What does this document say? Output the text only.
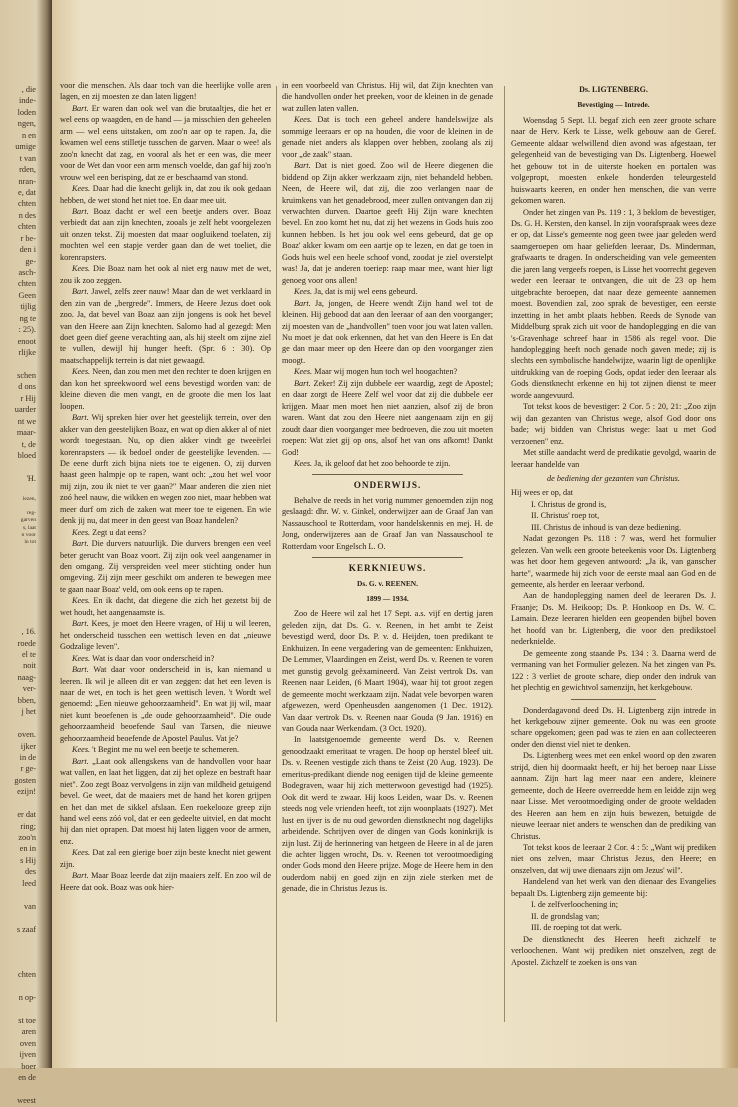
, die
inde-
loden
ngen,
n en
umige
t van
rden,
nran-
e, dat
chten
n des
chten
r be-
den i
ge-
asch-
chten
Geen
tijlig
ng te
: 25).
enoot
rlijke

schen
d ons
r Hij
uarder
nt we
maar-
t, de
bloed

'H.

lezen,

reg-
garven
s, laat
n voor
in tot

, 16.
roede
el te
noit
naag-
ver-
bben,
j het

oven.
ijker
in de
r ge-
gosten
ezijn!

er dat
ring;
zoo'n
en in
s Hij
des
leed

van

s zaaf

chten

n op-

st toe
aren
oven
ijven
boer
en de

weest

voor die menschen. Als daar toch van die heerlijke volle aren lagen, en zij moesten ze dan laten liggen!

Bart. Er waren dan ook wel van die brutaaltjes, die het er wel eens op waagden, en de hand — ja misschien den geheelen arm — wel eens uitstaken, om zoo'n aar op te rapen. Ja, die kwamen wel eens stilletje tusschen de garven. Maar o wee! als zoo'n knecht dat zag, en vooral als het er een was, die meer voor de Wet dan voor een arm mensch voelde, dan gaf hij zoo'n vrouw wel een berisping, dat ze er beschaamd van stond.

Kees. Daar had die knecht gelijk in, dat zou ik ook gedaan hebben, de wet stond het niet toe. En daar mee uit.

Bart. Boaz dacht er wel een beetje anders over. Boaz verbiedt dat aan zijn knechten, zooals je zelf hebt voorgelezen uit onzen tekst. Zij moesten dat maar oogluikend toelaten, zij mochten wel een stapje verder gaan dan de wet toeliet, die korenrapsters.

Kees. Die Boaz nam het ook al niet erg nauw met de wet, zou ik zoo zeggen.

Bart. Jawel, zelfs zeer nauw! Maar dan de wet verklaard in den zin van de „bergrede". Immers, de Heere Jezus doet ook zoo. Ja, dat bevel van Boaz aan zijn jongens is ook het bevel van den Heere aan Zijn knechten. Salomo had al gezegd: Men doet geen dief geene verachting aan, als hij steelt om zijne ziel te vullen, dewijl hij hunger heeft. (Spr. 6 : 30). Op maatschappelijk terrein is dat niet gewaagd.

Kees. Neen, dan zou men met den rechter te doen krijgen en dan kon het spreekwoord wel eens bevestigd worden van: de kleine dieven die men vangt, en de groote die men los laat loopen.

Bart. Wij spreken hier over het geestelijk terrein, over den akker van den geestelijken Boaz, en wat op dien akker al of niet wordt toegestaan. Nu, op dien akker vindt ge tweeërlei korenrapsters — ik bedoel onder de geestelijke levenden. — De eene durft zich bijna niets toe te eigenen. O, zij durven haast geen halmpje op te rapen, want och: „zou het wel voor mij zijn, zou ik niet te ver gaan?" Maar anderen die zien niet zoó heel nauw, die wikken en wegen zoo niet, maar hebben wat meer durf om zich de zaken wat meer toe te eigenen. En wie denk jij nu, dat meer in den geest van Boaz handelen?

Kees. Zegt u dat eens?

Bart. Die durvers natuurlijk. Die durvers brengen een veel beter gerucht van Boaz voort. Zij zijn ook veel aangenamer in den omgang. Zij verspreiden veel meer stichting onder hun omgeving. Zij zijn meer geschikt om anderen te bewegen mee te gaan naar Boaz' veld, om ook eens op te rapen.

Kees. En ik dacht, dat diegene die zich het gezetst bij de wet houdt, het aangenaamste is.

Bart. Kees, je moet den Heere vragen, of Hij u wil leeren, het onderscheid tusschen een wettisch leven en dat „nieuwe Godzalige leven".

Kees. Wat is daar dan voor onderscheid in?

Bart. Wat daar voor onderscheid in is, kan niemand u leeren. Ik wil je alleen dit er van zeggen: dat het een leven is naar de wet, en toch is het geen wettisch leven. 't Wordt wel genoemd: „Een nieuwe gehoorzaamheid". En wat jij wil, maar niet kunt beoefenen is „de oude gehoorzaamheid". Die oude gehoorzaamheid beoefende Saul van Tarsen, die nieuwe gehoorzaamheid beoefende de Apostel Paulus. Vat je?

Kees. 't Begint me nu wel een beetje te schemeren.

Bart. „Laat ook allengskens van de handvollen voor haar wat vallen, en laat het liggen, dat zij het opleze en bestraft haar niet". Zoo zegt Boaz vervolgens in zijn van mildheid getuigend bevel. Ge weet, dat de maaiers met de hand het koren grijpen en het dan met de sikkel afslaan. Een roekelooze greep zijn hand wel eens zóó vol, dat er een gedeelte uitviel, en dat mocht hij dan niet oprapen. Dat moest hij laten liggen voor de armen, enz.

Kees. Dat zal een gierige boer zijn beste knecht niet gewent zijn.

Bart. Maar Boaz leerde dat zijn maaiers zelf. En zoo wil de Heere dat ook. Boaz was ook hier-

in een voorbeeld van Christus. Hij wil, dat Zijn knechten van die handvollen onder het preeken, voor de kleinen in de genade wat zullen laten vallen.

Kees. Dat is toch een geheel andere handelswijze als sommige leeraars er op na houden, die voor de kleinen in de genade niet anders als klappen over hebben, zoolang als zij voor „de zaak" staan.

Bart. Dat is niet goed. Zoo wil de Heere diegenen die biddend op Zijn akker werkzaam zijn, niet behandeld hebben. Neen, de Heere wil, dat zij, die zoo verlangen naar de kruimkens van het genadebrood, meer zullen ontvangen dan zij verwachten durven. Daartoe geeft Hij Zijn ware knechten bevel. En zoo komt het nu, dat zij het wezens in Gods huis zoo kunnen hebben. Is het jou ook wel eens gebeurd, dat ge op Boaz' akker kwam om een aartje op te lezen, en dat ge toen in Gods huis wel een heele schoof vond, zoodat je ziel overstelpt was! Ja, dat je anderen toeriep: raap maar mee, want hier ligt genoeg voor ons allen!

Kees. Ja, dat is mij wel eens gebeurd.

Bart. Ja, jongen, de Heere wendt Zijn hand wel tot de kleinen. Hij gebood dat aan den leeraar of aan den voorganger; zij moesten van de „handvollen" toen voor jou wat laten vallen. Nu moet je dat ook erkennen, dat het van den Heere is En dat ge dan maar meer op den Heere dan op den voorganger zien moogt.

Kees. Maar wij mogen hun toch wel hoogachten?

Bart. Zeker! Zij zijn dubbele eer waardig, zegt de Apostel; en daar zorgt de Heere Zelf wel voor dat zij die dubbele eer krijgen. Maar men moet hen niet aanzien, alsof zij de bron waren. Want dat zou den Heere niet aangenaam zijn en gij zoudt daar dien voorganger mee bedroeven, die zou uit moeten roepen: Wat ziet gij op ons, alsof het van ons afkomt! Dankt God!

Kees. Ja, ik geloof dat het zoo behoorde te zijn.

ONDERWIJS.

Behalve de reeds in het vorig nummer genoemden zijn nog geslaagd: dhr. W. v. Ginkel, onderwijzer aan de Graaf Jan van Nassauschool te Rotterdam, voor handelskennis en mej. H. de Jong, onderwijzeres aan de Graaf Jan van Nassauschool te Rotterdam voor Engelsch L. O.

KERKNIEUWS.
Ds. G. v. REENEN.
1899 — 1934.

Zoo de Heere wil zal het 17 Sept. a.s. vijf en dertig jaren geleden zijn, dat Ds. G. v. Reenen, in het ambt te Zeist bevestigd werd, door Ds. P. v. d. Heijden, toen predikant te Enkhuizen. In eene vergadering van de gemeenten: Enkhuizen, De Lemmer, Vlaardingen en Zeist, werd Ds. v. Reenen te voren met gunstig gevolg geëxamineerd. Van Zeist vertrok Ds. van Reenen naar Leiden, (6 Maart 1904), waar hij tot groot zegen de gemeente mocht werkzaam zijn. Nadat vele bevorpen waren afgewezen, werd Openheusden aangenomen (1 Dec. 1912). Van daar vertrok Ds. v. Reenen naar Gouda (9 Jan. 1916) en van Gouda naar Werkendam. (3 Oct. 1920).

In laatstgenoemde gemeente werd Ds. v. Reenen genoodzaakt emeritaat te vragen. De hoop op herstel bleef uit. Ds. v. Reenen vestigde zich thans te Zeist (20 Aug. 1923). De emeritus-predikant diende nog eenigen tijd de kleine gemeente Bodegraven, waar hij zich metterwoon gevestigd had (1925). Ook dit werd te zwaar. Hij koos Leiden, waar Ds. v. Reenen steeds nog vele vrienden heeft, tot zijn woonplaats (1927). Met lust en ijver is de nu oud geworden dienstknecht nog dagelijks arbeidende. Schrijven over de dingen van Gods koninkrijk is zijn lust. Zij de herinnering van hetgeen de Heere in al de jaren die achter liggen wrocht, Ds. v. Reenen tot verootmoediging onder Gods mond den Heere prijze. Moge de Heere hem in den ouderdom nabij en goed zijn en zijn ziele sterken met de genade, die in Christus Jezus is.

Ds. LIGTENBERG.
Bevestiging — Intrede.

Woensdag 5 Sept. l.l. begaf zich een zeer groote schare naar de Herv. Kerk te Lisse, welk gebouw aan de Geref. Gemeente aldaar welwillend dien avond was afgestaan, ter gelegenheid van de bevestiging van Ds. Ligtenberg. Hoewel het gebouw tot in de uiterste hoeken en portalen was volgepropt, moesten enkele honderden teleurgesteld huiswaarts keeren, en onder hen menschen, die van verre gekomen waren.

Onder het zingen van Ps. 119 : 1, 3 beklom de bevestiger, Ds. G. H. Kersten, den kansel. In zijn voorafspraak wees deze er op, dat Lisse's gemeente nog geen twee jaar geleden werd saamgeroepen om haar geliefden leeraar, Ds. Minderman, grafwaarts te dragen. In onderscheiding van vele gemeenten die jaren lang vergeefs roepen, is Lisse het voorrecht gegeven weder een leeraar te ontvangen, die uit de 23 op hem uitgebrachte beroepen, dat naar deze gemeente aannemen moest. Bovendien zal, zoo sprak de bevestiger, een eerste inzetting in het ambt plaats hebben. Reeds de Synode van Middelburg sprak zich uit voor de handoplegging en die van 's-Gravenhage schreef haar in 1586 als regel voor. Die handoplegging heeft noch genade noch gaven mede; zij is slechts een symbolische handelwijze, waarin ligt de openlijke uitdrukking van de roeping Gods, opdat ieder den leeraar als Gods dienstknecht erkenne en hij tot zijnen dienst te meer worde aangevuurd.

Tot tekst koos de bevestiger: 2 Cor. 5 : 20, 21: „Zoo zijn wij dan gezanten van Christus wege, alsof God door ons bade; wij bidden van Christus wege: laat u met God verzoenen" enz.

Met stille aandacht werd de predikatie gevolgd, waarin de leeraar handelde van

de bediening der gezanten van Christus.

Hij wees er op, dat

I. Christus de grond is,

II. Christus' roep tot,

III. Christus de inhoud is van deze bediening.

Nadat gezongen Ps. 118 : 7 was, werd het formulier gelezen. Van welk een groote beteekenis voor Ds. Ligtenberg was het door hem gegeven antwoord: „Ja ik, van ganscher harte", waarmede hij zich voor de eerste maal aan God en de gemeente, als herder en leeraar verbond.

Aan de handoplegging namen deel de leeraren Ds. J. Fraanje; Ds. M. Heikoop; Ds. P. Honkoop en Ds. W. C. Lamain. Deze leeraren hielden een geopenden bijbel boven het hoofd van br. Ligtenberg, die voor den predikstoel nederknielde.

De gemeente zong staande Ps. 134 : 3. Daarna werd de vermaning van het Formulier gelezen. Na het zingen van Ps. 122 : 3 verliet de groote schare, diep onder den indruk van het plechtig en gewichtvol samenzijn, het kerkgebouw.

Donderdagavond deed Ds. H. Ligtenberg zijn intrede in het kerkgebouw zijner gemeente. Ook nu was een groote schare opgekomen; geen pad was te zien en aan collecteeren onder den dienst viel niet te denken.

Ds. Ligtenberg wees met een enkel woord op den zwaren strijd, dien hij doormaakt heeft, er hij het beroep naar Lisse aannam. Zijn hart lag meer naar een andere, kleinere gemeente, doch de Heere overreedde hem en leidde zijn weg naar Lisse. Met verootmoediging onder de groote weldaden des Heeren aan hem en zijn huis bewezen, betuigde de nieuwe leeraar niet anders te wenschen dan de prediking van Christus.

Tot tekst koos de leeraar 2 Cor. 4 : 5: „Want wij prediken niet ons zelven, maar Christus Jezus, den Heere; en onszelven, dat wij uwe dienaars zijn om Jezus' wil".

Handelend van het werk van den dienaar des Evangelies bepaalt Ds. Ligtenberg zijn gemeente bij:

I. de zelfverloochening in;

II. de grondslag van;

III. de roeping tot dat werk.

De dienstknecht des Heeren heeft zichzelf te verloochenen. Want wij prediken niet onszelven, zegt de Apostel. Zichzelf te zoeken is ons van
